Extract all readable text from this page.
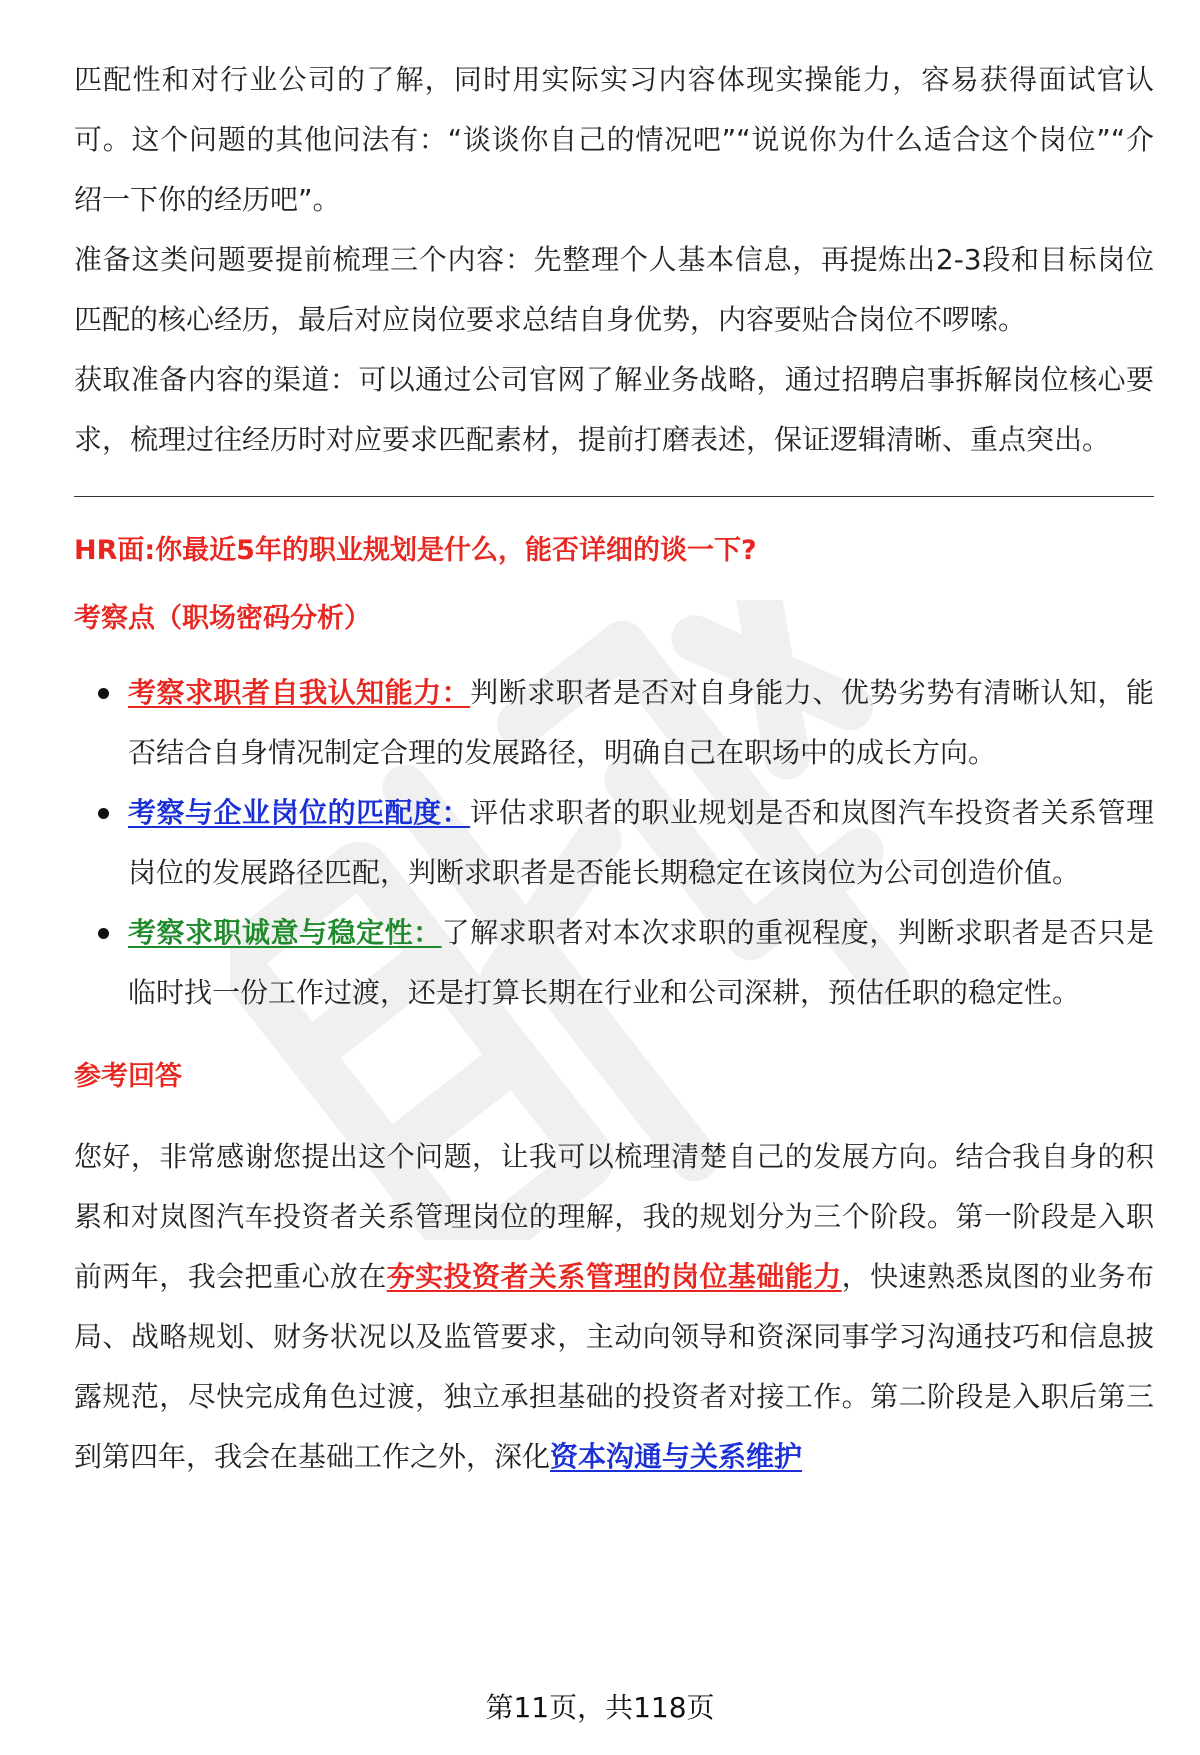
匹配性和对行业公司的了解，同时用实际实习内容体现实操能力，容易获得面试官认可。这个问题的其他问法有：“谈谈你自己的情况吧”“说说你为什么适合这个岗位”“介绍一下你的经历吧”。

准备这类问题要提前梳理三个内容：先整理个人基本信息，再提炼出2-3段和目标岗位匹配的核心经历，最后对应岗位要求总结自身优势，内容要贴合岗位不啰嗦。

获取准备内容的渠道：可以通过公司官网了解业务战略，通过招聘启事拆解岗位核心要求，梳理过往经历时对应要求匹配素材，提前打磨表述，保证逻辑清晰、重点突出。

HR面:你最近5年的职业规划是什么，能否详细的谈一下?
考察点（职场密码分析）
考察求职者自我认知能力：判断求职者是否对自身能力、优势劣势有清晰认知，能否结合自身情况制定合理的发展路径，明确自己在职场中的成长方向。
考察与企业岗位的匹配度：评估求职者的职业规划是否和岚图汽车投资者关系管理岗位的发展路径匹配，判断求职者是否能长期稳定在该岗位为公司创造价值。
考察求职诚意与稳定性：了解求职者对本次求职的重视程度，判断求职者是否只是临时找一份工作过渡，还是打算长期在行业和公司深耕，预估任职的稳定性。
参考回答

您好，非常感谢您提出这个问题，让我可以梳理清楚自己的发展方向。结合我自身的积累和对岚图汽车投资者关系管理岗位的理解，我的规划分为三个阶段。第一阶段是入职前两年，我会把重心放在夯实投资者关系管理的岗位基础能力，快速熟悉岚图的业务布局、战略规划、财务状况以及监管要求，主动向领导和资深同事学习沟通技巧和信息披露规范，尽快完成角色过渡，独立承担基础的投资者对接工作。第二阶段是入职后第三到第四年，我会在基础工作之外，深化资本沟通与关系维护

第11页，共118页
